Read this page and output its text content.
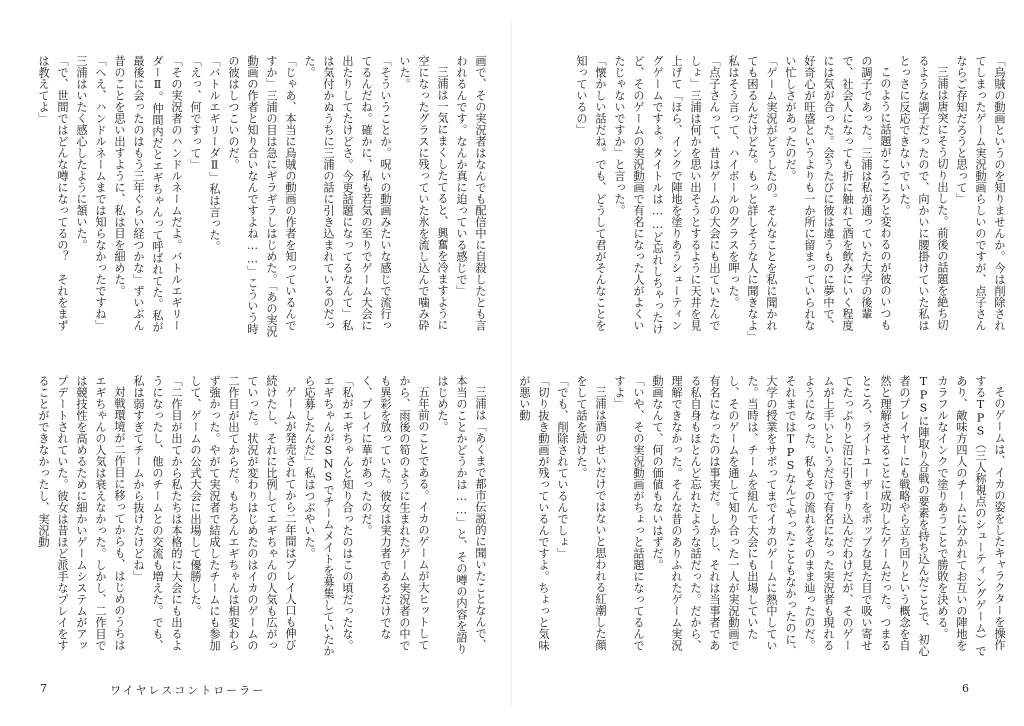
「烏賊の動画というのを知りませんか。今は削除されてしまったゲーム実況動画らしいのですが、点子さんならご存知だろうと思って」

三浦は唐突にそう切り出した。前後の話題を絶ち切るような調子だったので、向かいに腰掛けていた私はとっさに反応できないでいた。

このように話題がころころと変わるのが彼のいつもの調子であった。三浦は私が通っていた大学の後輩で、社会人になっても折に触れて酒を飲みにいく程度には気が合った。会うたびに彼は違うものに夢中で、好奇心が旺盛というよりも一か所に留まっていられない忙しさがあったのだ。

「ゲーム実況がどうしたの。そんなことを私に聞かれても困るんだけどな。もっと詳しそうな人に聞きなよ」私はそう言って、ハイボールのグラスを呷った。

「点子さんって、昔はゲームの大会にも出ていたんでしょ」三浦は何かを思い出そうとするように天井を見上げて「ほら、インクで陣地を塗りあうシューティングゲームですよ。タイトルは……ど忘れしちゃったけど、そのゲームの実況動画で有名になった人がよくいたじゃないですか」と言った。

「懐かしい話だね。でも、どうして君がそんなことを知っているの」

そのゲームは、イカの姿をしたキャラクターを操作するTPS（三人称視点のシューティングゲーム）であり、敵味方四人のチームに分かれてお互いの陣地をカラフルなインクで塗りあうことで勝敗を決める。TPSに陣取り合戦の要素を持ち込んだことで、初心者のプレイヤーにも戦略やら立ち回りという概念を自然と理解させることに成功したゲームだった。つまるところ、ライトユーザーをポップな見た目で吸い寄せてたっぷりと沼に引きずり込んだわけだが、そのゲームが上手いというだけで有名になった実況者も現れるようになった。私もその流れをそのまま辿ったのだ。それまではTPSなんてやったこともなかったのに、大学の授業をサボってまでイカのゲームに熱中していた。当時は、チームを組んで大会にも出場していたし、そのゲームを通して知り合った一人が実況動画で有名になったのは事実だ。しかし、それは当事者である私自身もほとんど忘れたような話だった。だから、理解できなかった。そんな昔のありふれたゲーム実況動画なんて、何の価値もないはずだ。

「いや、その実況動画がちょっと話題になってるんですよ」

三浦は酒のせいだけではないと思われる紅潮した顔をして話を続けた。

「でも、削除されているんでしょ」

「切り抜き動画が残っているんですよ。ちょっと気味が悪い動

6

画で、その実況者はなんでも配信中に自殺したとも言われるんです。なんか真に迫っている感じで」

三浦は一気にまくしたてると、興奮を冷ますように空になったグラスに残っていた氷を流し込んで噛み砕いた。

「そういうことか。呪いの動画みたいな感じで流行ってるんだね。確かに、私も若気の至りでゲーム大会に出たりしてたけどさ。今更話題になってるなんて」私は気付かぬうちに三浦の話に引き込まれているのだった。

「じゃあ、本当に烏賊の動画の作者を知っているんですか」三浦の目は急にギラギラしはじめた。「あの実況動画の作者と知り合いなんですよね……」こういう時の彼はしつこいのだ。

「バトルエギリーダⅡ」私は言った。

「えっ、何ですって」

「その実況者のハンドルネームだよ。バトルエギリーダーⅡ。仲間内だとエギちゃんって呼ばれてた。私が最後に会ったのはもう三年ぐらい経つかな」ずいぶん昔のことを思い出すように、私は目を細めた。

「へえ、ハンドルネームまでは知らなかったですね」三浦はいたく感心したように頷いた。

「で、世間ではどんな噂になってるの？　それをまずは教えてよ」

三浦は「あくまで都市伝説的に聞いたことなんで、本当のことかどうかは……」と、その噂の内容を語りはじめた。

五年前のことである。イカのゲームが大ヒットしてから、雨後の筍のように生まれたゲーム実況者の中でも異彩を放っていた。彼女は実力者であるだけでなく、プレイに華があったのだ。

「私がエギちゃんと知り合ったのはこの頃だったな。エギちゃんがSNSでチームメイトを募集していたから応募したんだ」私はつぶやいた。

ゲームが発売されてから二年間はプレイ人口も伸び続けたし、それに比例してエギちゃんの人気も広がっていった。状況が変わりはじめたのはイカのゲームの二作目が出てからだ。もちろんエギちゃんは相変わらず強かった。やがて実況者で結成したチームにも参加して、ゲームの公式大会に出場して優勝した。

「二作目が出てから私たちは本格的に大会にも出るようになったし、他のチームとの交流も増えた。でも、私は弱すぎてチームから抜けたけどね」

対戦環境が二作目に移ってからも、はじめのうちはエギちゃんの人気は衰えなかった。しかし、二作目では競技性を高めるために細かいゲームシステムがアップデートされていた。彼女は昔ほど派手なプレイをすることができなかったし、実況動

7	ワイヤレスコントローラー
